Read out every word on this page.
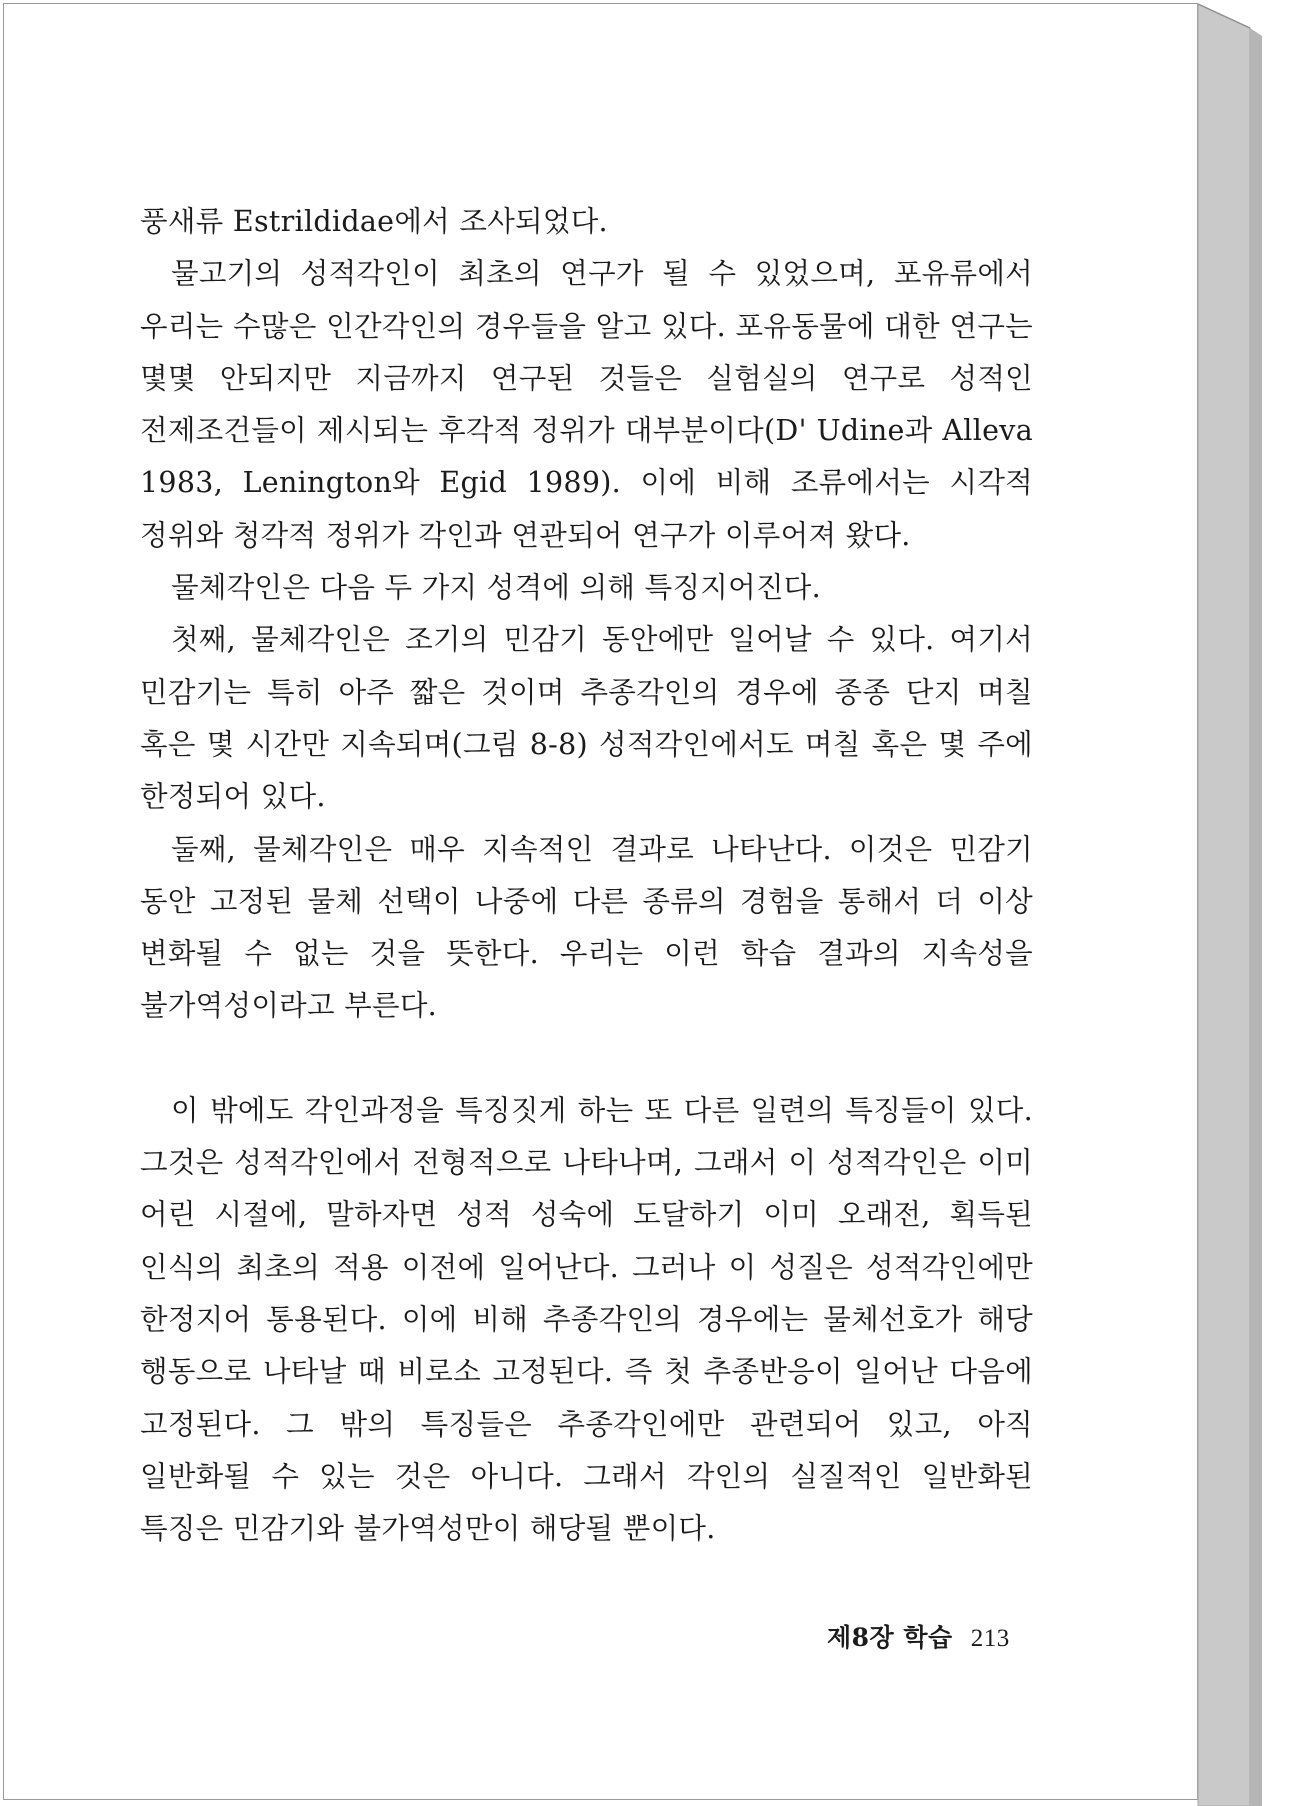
풍새류 Estrildidae에서 조사되었다.

물고기의 성적각인이 최초의 연구가 될 수 있었으며, 포유류에서 우리는 수많은 인간각인의 경우들을 알고 있다. 포유동물에 대한 연구는 몇몇 안되지만 지금까지 연구된 것들은 실험실의 연구로 성적인 전제조건들이 제시되는 후각적 정위가 대부분이다(D' Udine과 Alleva 1983, Lenington와 Egid 1989). 이에 비해 조류에서는 시각적 정위와 청각적 정위가 각인과 연관되어 연구가 이루어져 왔다.

물체각인은 다음 두 가지 성격에 의해 특징지어진다.

첫째, 물체각인은 조기의 민감기 동안에만 일어날 수 있다. 여기서 민감기는 특히 아주 짧은 것이며 추종각인의 경우에 종종 단지 며칠 혹은 몇 시간만 지속되며(그림 8-8) 성적각인에서도 며칠 혹은 몇 주에 한정되어 있다.

둘째, 물체각인은 매우 지속적인 결과로 나타난다. 이것은 민감기 동안 고정된 물체 선택이 나중에 다른 종류의 경험을 통해서 더 이상 변화될 수 없는 것을 뜻한다. 우리는 이런 학습 결과의 지속성을 불가역성이라고 부른다.

이 밖에도 각인과정을 특징짓게 하는 또 다른 일련의 특징들이 있다. 그것은 성적각인에서 전형적으로 나타나며, 그래서 이 성적각인은 이미 어린 시절에, 말하자면 성적 성숙에 도달하기 이미 오래전, 획득된 인식의 최초의 적용 이전에 일어난다. 그러나 이 성질은 성적각인에만 한정지어 통용된다. 이에 비해 추종각인의 경우에는 물체선호가 해당 행동으로 나타날 때 비로소 고정된다. 즉 첫 추종반응이 일어난 다음에 고정된다. 그 밖의 특징들은 추종각인에만 관련되어 있고, 아직 일반화될 수 있는 것은 아니다. 그래서 각인의 실질적인 일반화된 특징은 민감기와 불가역성만이 해당될 뿐이다.

제8장 학습 213
